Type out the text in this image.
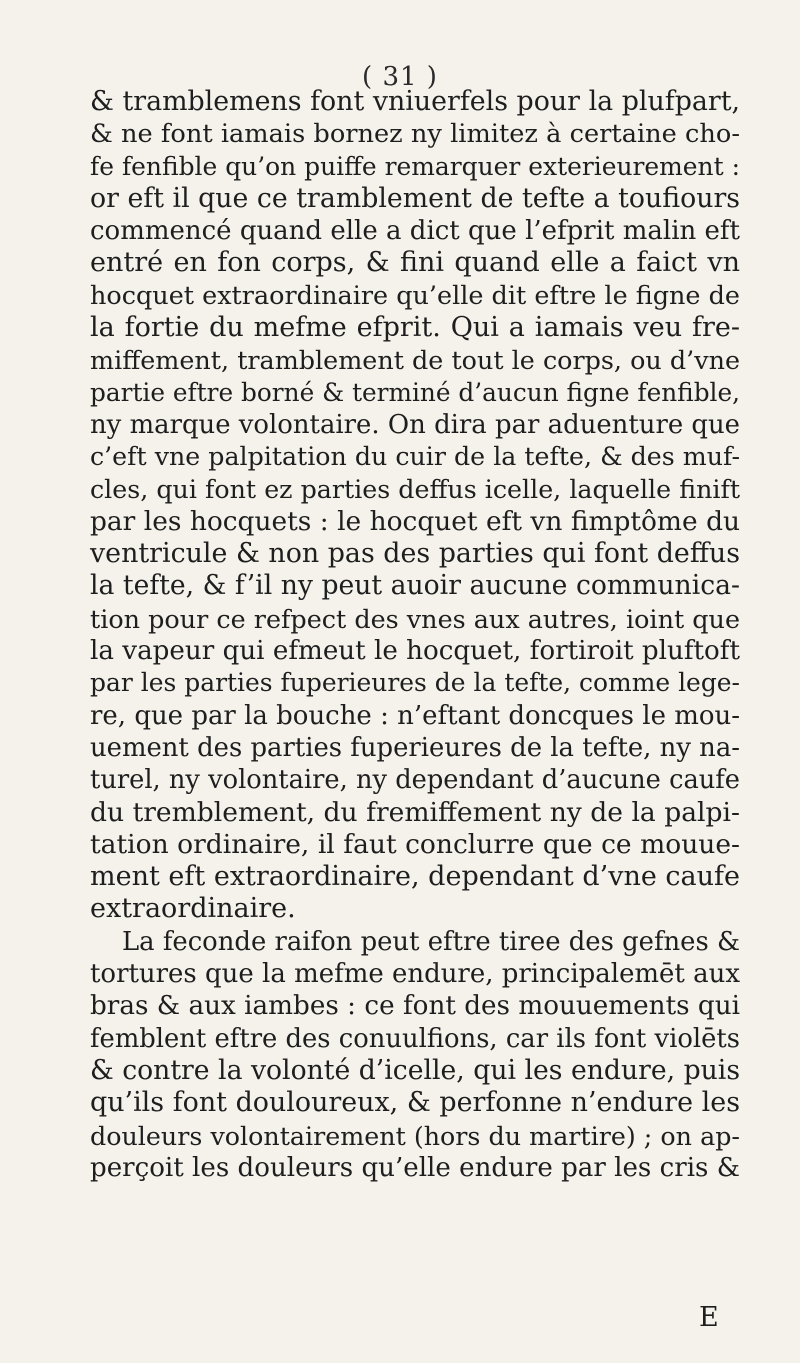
( 31 )
& tramblemens font vniuerfels pour la plufpart,
& ne font iamais bornez ny limitez à certaine cho-
fe fenfible qu’on puiffe remarquer exterieurement :
or eft il que ce tramblement de tefte a toufiours
commencé quand elle a dict que l’efprit malin eft
entré en fon corps, & fini quand elle a faict vn
hocquet extraordinaire qu’elle dit eftre le figne de
la fortie du mefme efprit. Qui a iamais veu fre-
miffement, tramblement de tout le corps, ou d’vne
partie eftre borné & terminé d’aucun figne fenfible,
ny marque volontaire. On dira par aduenture que
c’eft vne palpitation du cuir de la tefte, & des muf-
cles, qui font ez parties deffus icelle, laquelle finift
par les hocquets : le hocquet eft vn fimptôme du
ventricule & non pas des parties qui font deffus
la tefte, & f’il ny peut auoir aucune communica-
tion pour ce refpect des vnes aux autres, ioint que
la vapeur qui efmeut le hocquet, fortiroit pluftoft
par les parties fuperieures de la tefte, comme lege-
re, que par la bouche : n’eftant doncques le mou-
uement des parties fuperieures de la tefte, ny na-
turel, ny volontaire, ny dependant d’aucune caufe
du tremblement, du fremiffement ny de la palpi-
tation ordinaire, il faut conclurre que ce mouue-
ment eft extraordinaire, dependant d’vne caufe
extraordinaire.
La feconde raifon peut eftre tiree des gefnes &
tortures que la mefme endure, principalemēt aux
bras & aux iambes : ce font des mouuements qui
femblent eftre des conuulfions, car ils font violēts
& contre la volonté d’icelle, qui les endure, puis
qu’ils font douloureux, & perfonne n’endure les
douleurs volontairement (hors du martire) ; on ap-
perçoit les douleurs qu’elle endure par les cris &
E
